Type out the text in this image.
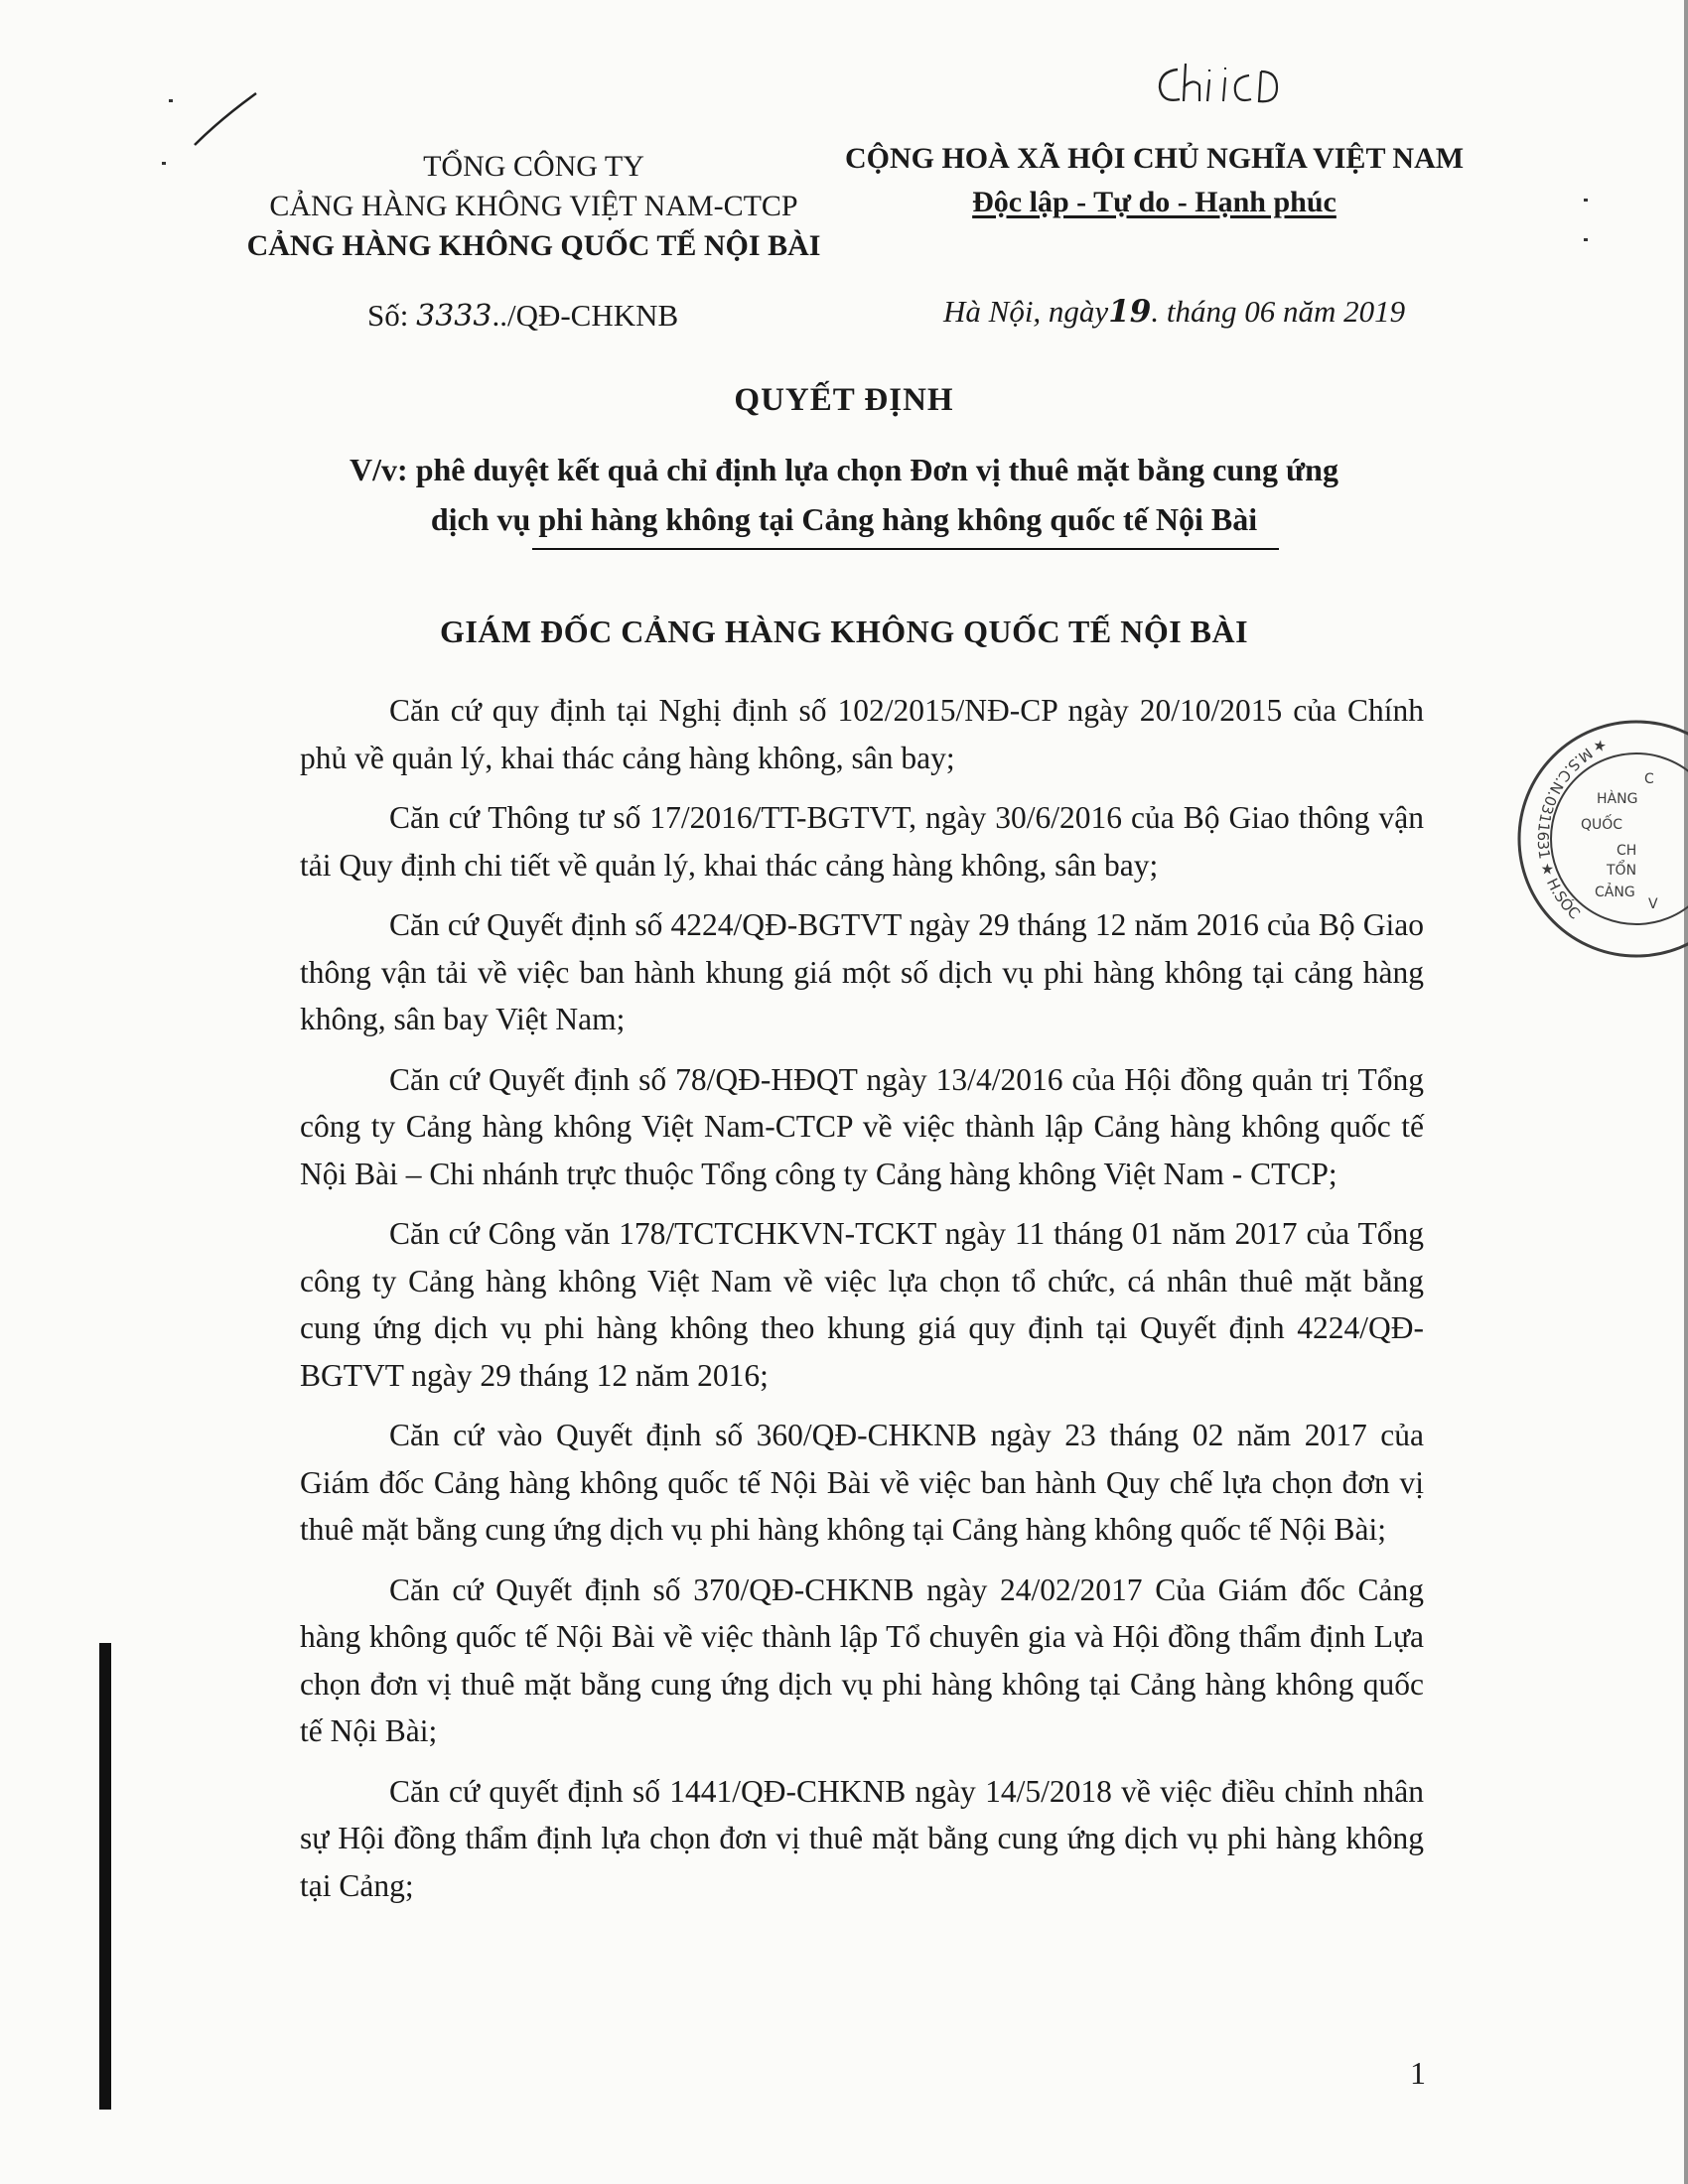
TỔNG CÔNG TY
CẢNG HÀNG KHÔNG VIỆT NAM-CTCP
CẢNG HÀNG KHÔNG QUỐC TẾ NỘI BÀI
CỘNG HOÀ XÃ HỘI CHỦ NGHĨA VIỆT NAM
Độc lập - Tự do - Hạnh phúc
Số: 3333../QĐ-CHKNB	Hà Nội, ngày19. tháng 06 năm 2019
QUYẾT ĐỊNH
V/v: phê duyệt kết quả chỉ định lựa chọn Đơn vị thuê mặt bằng cung ứng
dịch vụ phi hàng không tại Cảng hàng không quốc tế Nội Bài
GIÁM ĐỐC CẢNG HÀNG KHÔNG QUỐC TẾ NỘI BÀI

Căn cứ quy định tại Nghị định số 102/2015/NĐ-CP ngày 20/10/2015 của Chính phủ về quản lý, khai thác cảng hàng không, sân bay;

Căn cứ Thông tư số 17/2016/TT-BGTVT, ngày 30/6/2016 của Bộ Giao thông vận tải Quy định chi tiết về quản lý, khai thác cảng hàng không, sân bay;

Căn cứ Quyết định số 4224/QĐ-BGTVT ngày 29 tháng 12 năm 2016 của Bộ Giao thông vận tải về việc ban hành khung giá một số dịch vụ phi hàng không tại cảng hàng không, sân bay Việt Nam;

Căn cứ Quyết định số 78/QĐ-HĐQT ngày 13/4/2016 của Hội đồng quản trị Tổng công ty Cảng hàng không Việt Nam-CTCP về việc thành lập Cảng hàng không quốc tế Nội Bài – Chi nhánh trực thuộc Tổng công ty Cảng hàng không Việt Nam - CTCP;

Căn cứ Công văn 178/TCTCHKVN-TCKT ngày 11 tháng 01 năm 2017 của Tổng công ty Cảng hàng không Việt Nam về việc lựa chọn tổ chức, cá nhân thuê mặt bằng cung ứng dịch vụ phi hàng không theo khung giá quy định tại Quyết định 4224/QĐ-BGTVT ngày 29 tháng 12 năm 2016;

Căn cứ vào Quyết định số 360/QĐ-CHKNB ngày 23 tháng 02 năm 2017 của Giám đốc Cảng hàng không quốc tế Nội Bài về việc ban hành Quy chế lựa chọn đơn vị thuê mặt bằng cung ứng dịch vụ phi hàng không tại Cảng hàng không quốc tế Nội Bài;

Căn cứ Quyết định số 370/QĐ-CHKNB ngày 24/02/2017 Của Giám đốc Cảng hàng không quốc tế Nội Bài về việc thành lập Tổ chuyên gia và Hội đồng thẩm định Lựa chọn đơn vị thuê mặt bằng cung ứng dịch vụ phi hàng không tại Cảng hàng không quốc tế Nội Bài;

Căn cứ quyết định số 1441/QĐ-CHKNB ngày 14/5/2018 về việc điều chỉnh nhân sự Hội đồng thẩm định lựa chọn đơn vị thuê mặt bằng cung ứng dịch vụ phi hàng không tại Cảng;

★ M.S.C.N.0311631 ★ H.SÓC
C
HÀNG
QUỐC
CH
TỔN
CẢNG
V
1
